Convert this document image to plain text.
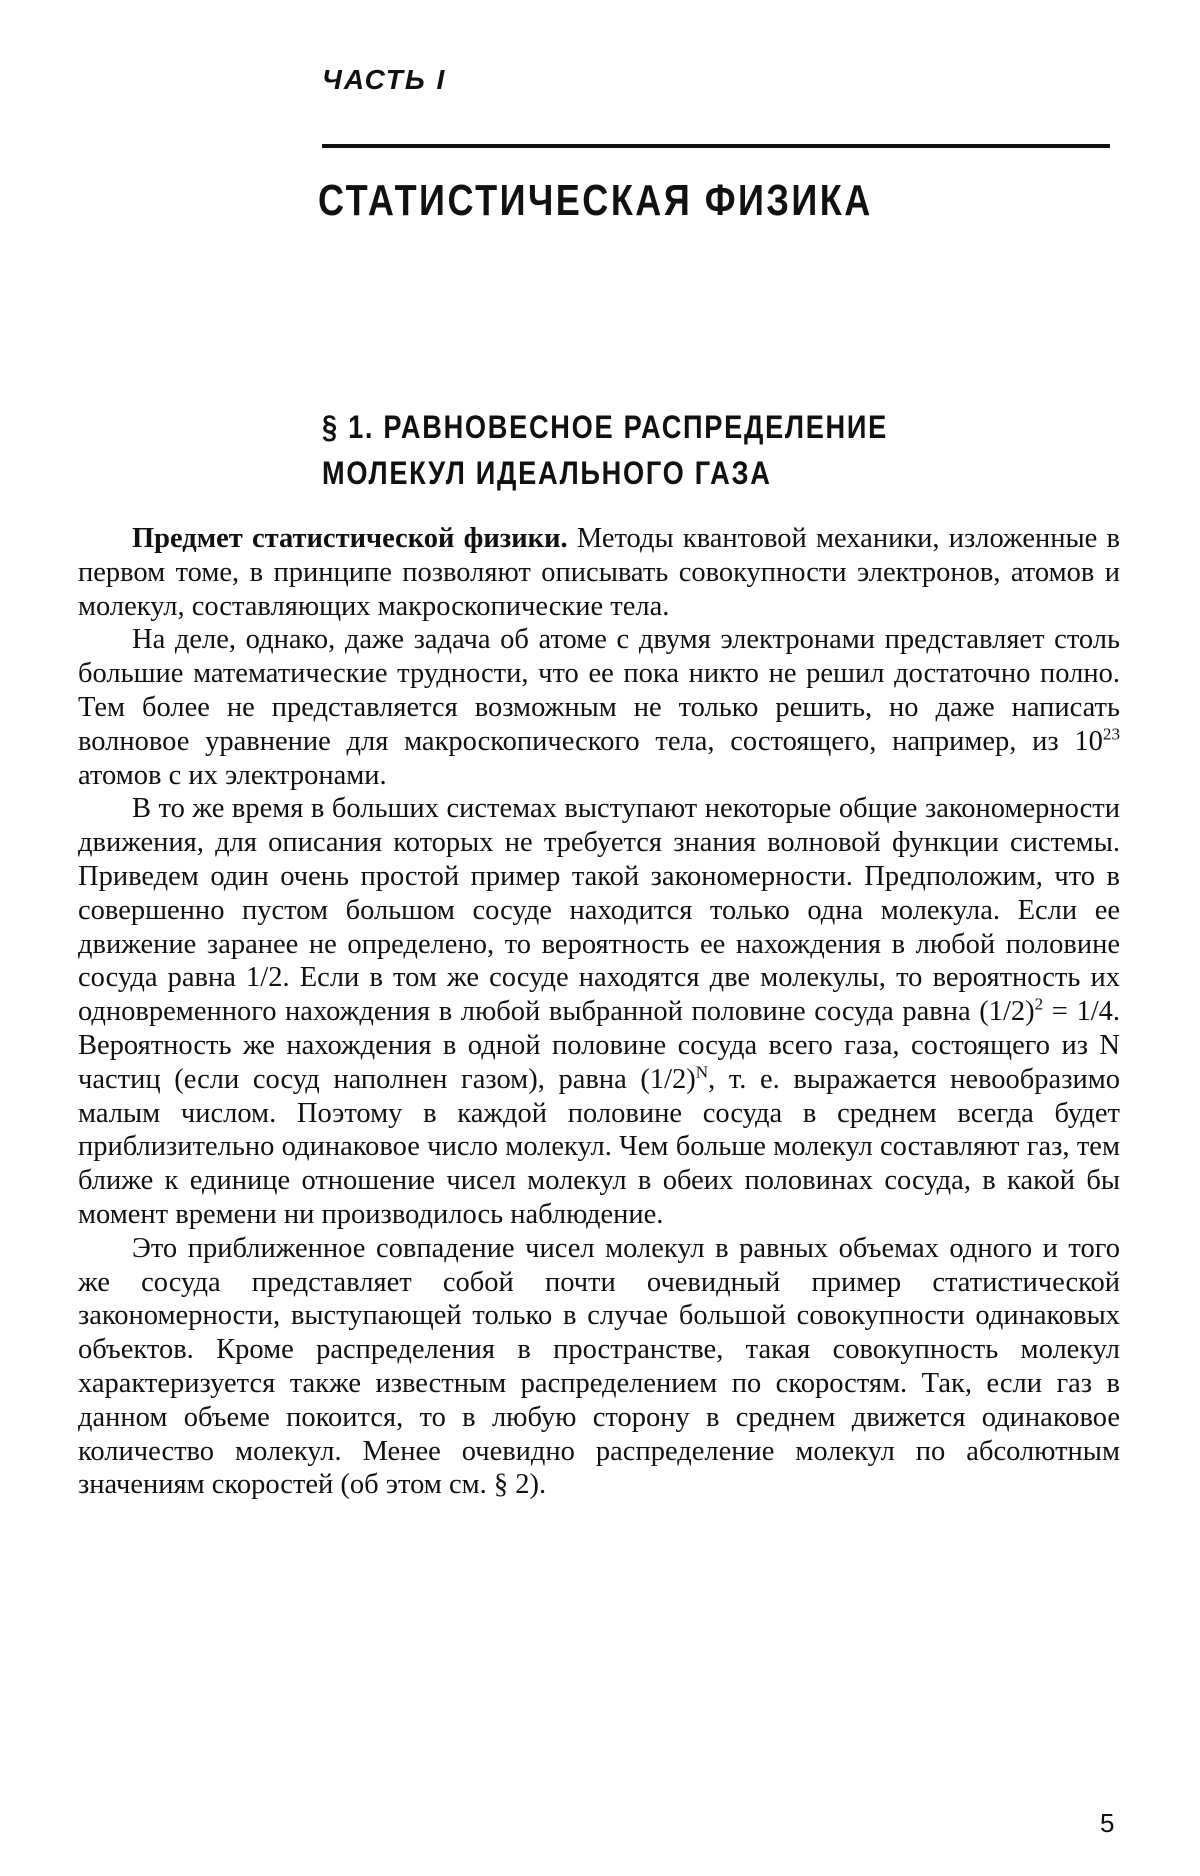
ЧАСТЬ I
СТАТИСТИЧЕСКАЯ ФИЗИКА
§ 1. РАВНОВЕСНОЕ РАСПРЕДЕЛЕНИЕ МОЛЕКУЛ ИДЕАЛЬНОГО ГАЗА

Предмет статистической физики. Методы квантовой механики, изложенные в первом томе, в принципе позволяют описывать совокупности электронов, атомов и молекул, составляющих макроскопические тела.

На деле, однако, даже задача об атоме с двумя электронами представляет столь большие математические трудности, что ее пока никто не решил достаточно полно. Тем более не представляется возможным не только решить, но даже написать волновое уравнение для макроскопического тела, состоящего, например, из $10^{23}$ атомов с их электронами.

В то же время в больших системах выступают некоторые общие закономерности движения, для описания которых не требуется знания волновой функции системы. Приведем один очень простой пример такой закономерности. Предположим, что в совершенно пустом большом сосуде находится только одна молекула. Если ее движение заранее не определено, то вероятность ее нахождения в любой половине сосуда равна 1/2. Если в том же сосуде находятся две молекулы, то вероятность их одновременного нахождения в любой выбранной половине сосуда равна $(1/2)^2 = 1/4$. Вероятность же нахождения в одной половине сосуда всего газа, состоящего из N частиц (если сосуд наполнен газом), равна $(1/2)^N$, т. е. выражается невообразимо малым числом. Поэтому в каждой половине сосуда в среднем всегда будет приблизительно одинаковое число молекул. Чем больше молекул составляют газ, тем ближе к единице отношение чисел молекул в обеих половинах сосуда, в какой бы момент времени ни производилось наблюдение.

Это приближенное совпадение чисел молекул в равных объемах одного и того же сосуда представляет собой почти очевидный пример статистической закономерности, выступающей только в случае большой совокупности одинаковых объектов. Кроме распределения в пространстве, такая совокупность молекул характеризуется также известным распределением по скоростям. Так, если газ в данном объеме покоится, то в любую сторону в среднем движется одинаковое количество молекул. Менее очевидно распределение молекул по абсолютным значениям скоростей (об этом см. § 2).

5
